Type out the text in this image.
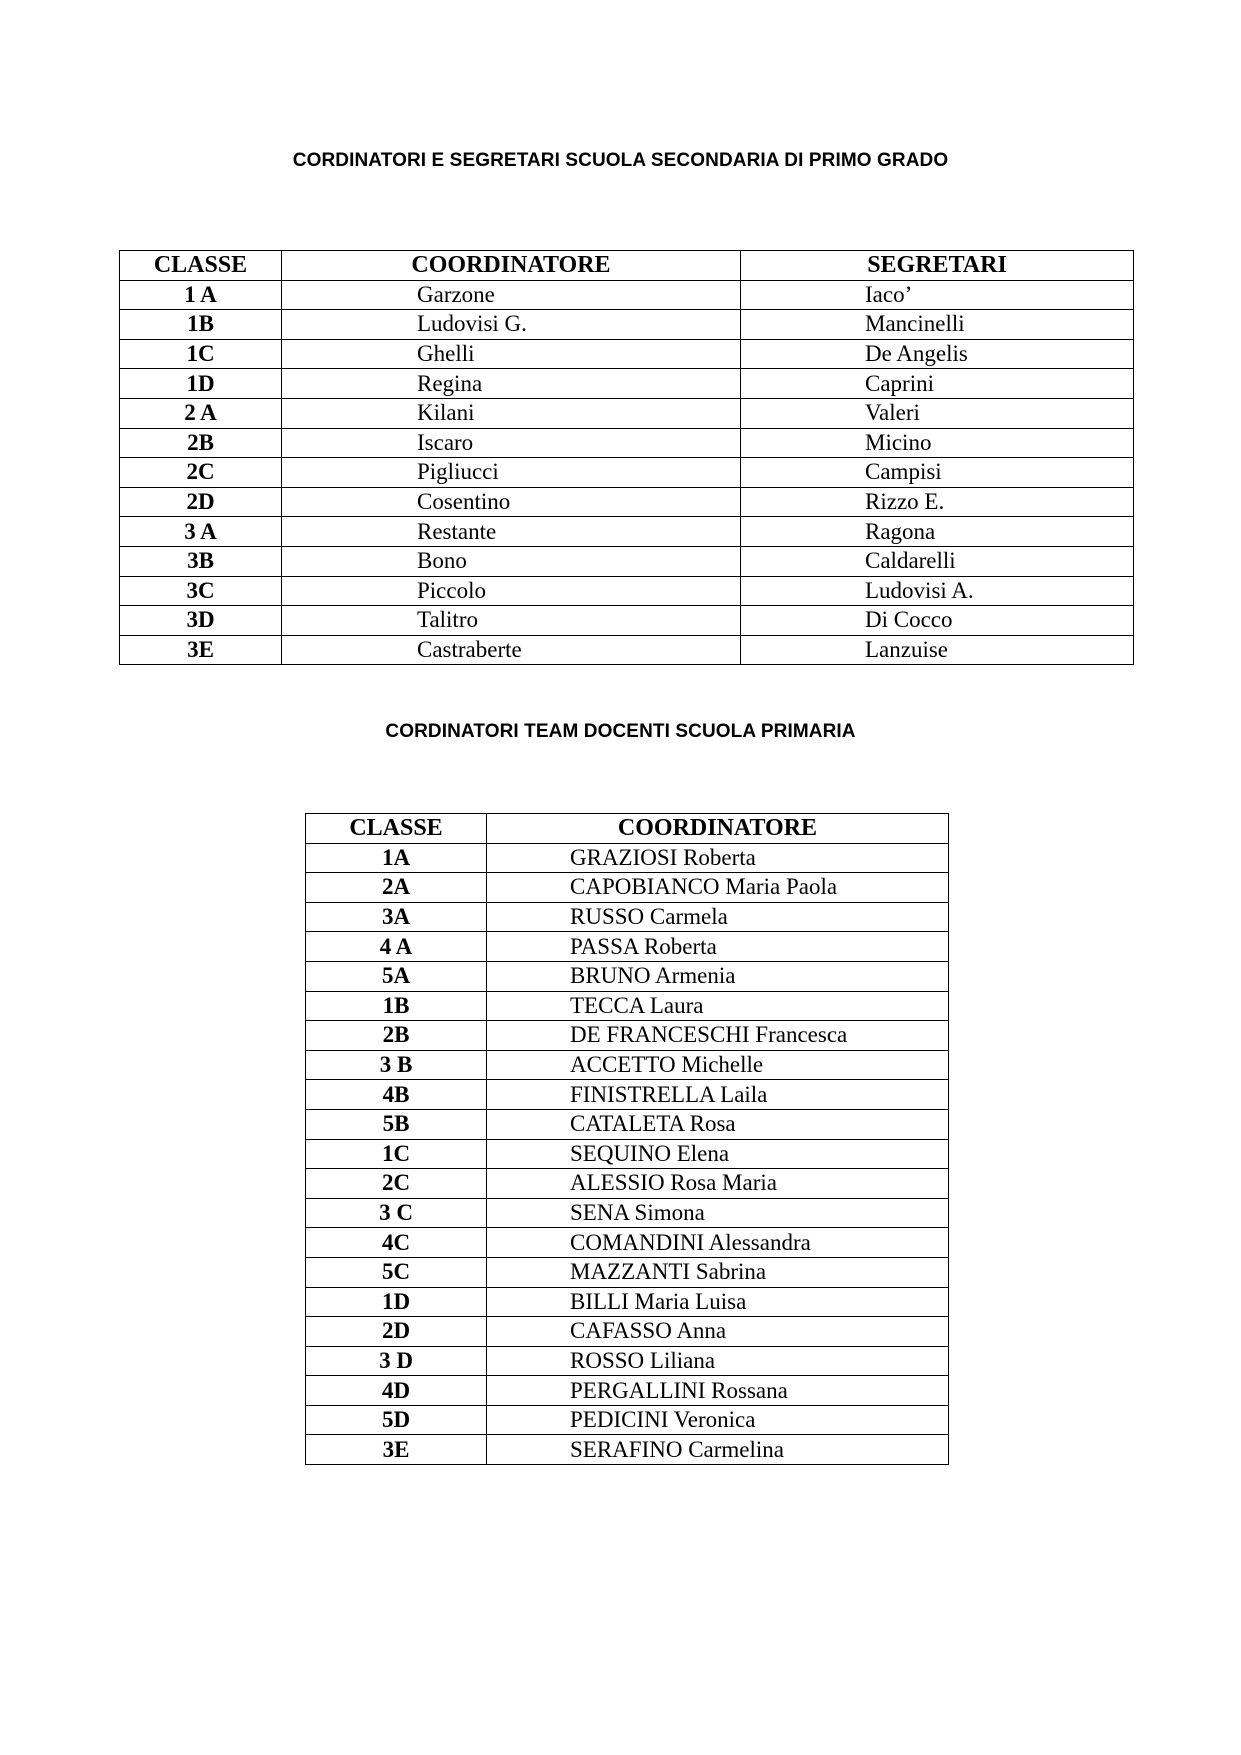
CORDINATORI E SEGRETARI SCUOLA SECONDARIA DI PRIMO GRADO
CLASSE	COORDINATORE	SEGRETARI
1 A	Garzone	Iaco’
1B	Ludovisi G.	Mancinelli
1C	Ghelli	De Angelis
1D	Regina	Caprini
2 A	Kilani	Valeri
2B	Iscaro	Micino
2C	Pigliucci	Campisi
2D	Cosentino	Rizzo E.
3 A	Restante	Ragona
3B	Bono	Caldarelli
3C	Piccolo	Ludovisi A.
3D	Talitro	Di Cocco
3E	Castraberte	Lanzuise
CORDINATORI TEAM DOCENTI SCUOLA PRIMARIA
CLASSE	COORDINATORE
1A	GRAZIOSI Roberta
2A	CAPOBIANCO Maria Paola
3A	RUSSO Carmela
4 A	PASSA Roberta
5A	BRUNO Armenia
1B	TECCA Laura
2B	DE FRANCESCHI Francesca
3 B	ACCETTO Michelle
4B	FINISTRELLA Laila
5B	CATALETA Rosa
1C	SEQUINO Elena
2C	ALESSIO Rosa Maria
3 C	SENA Simona
4C	COMANDINI Alessandra
5C	MAZZANTI Sabrina
1D	BILLI Maria Luisa
2D	CAFASSO Anna
3 D	ROSSO Liliana
4D	PERGALLINI Rossana
5D	PEDICINI Veronica
3E	SERAFINO Carmelina
